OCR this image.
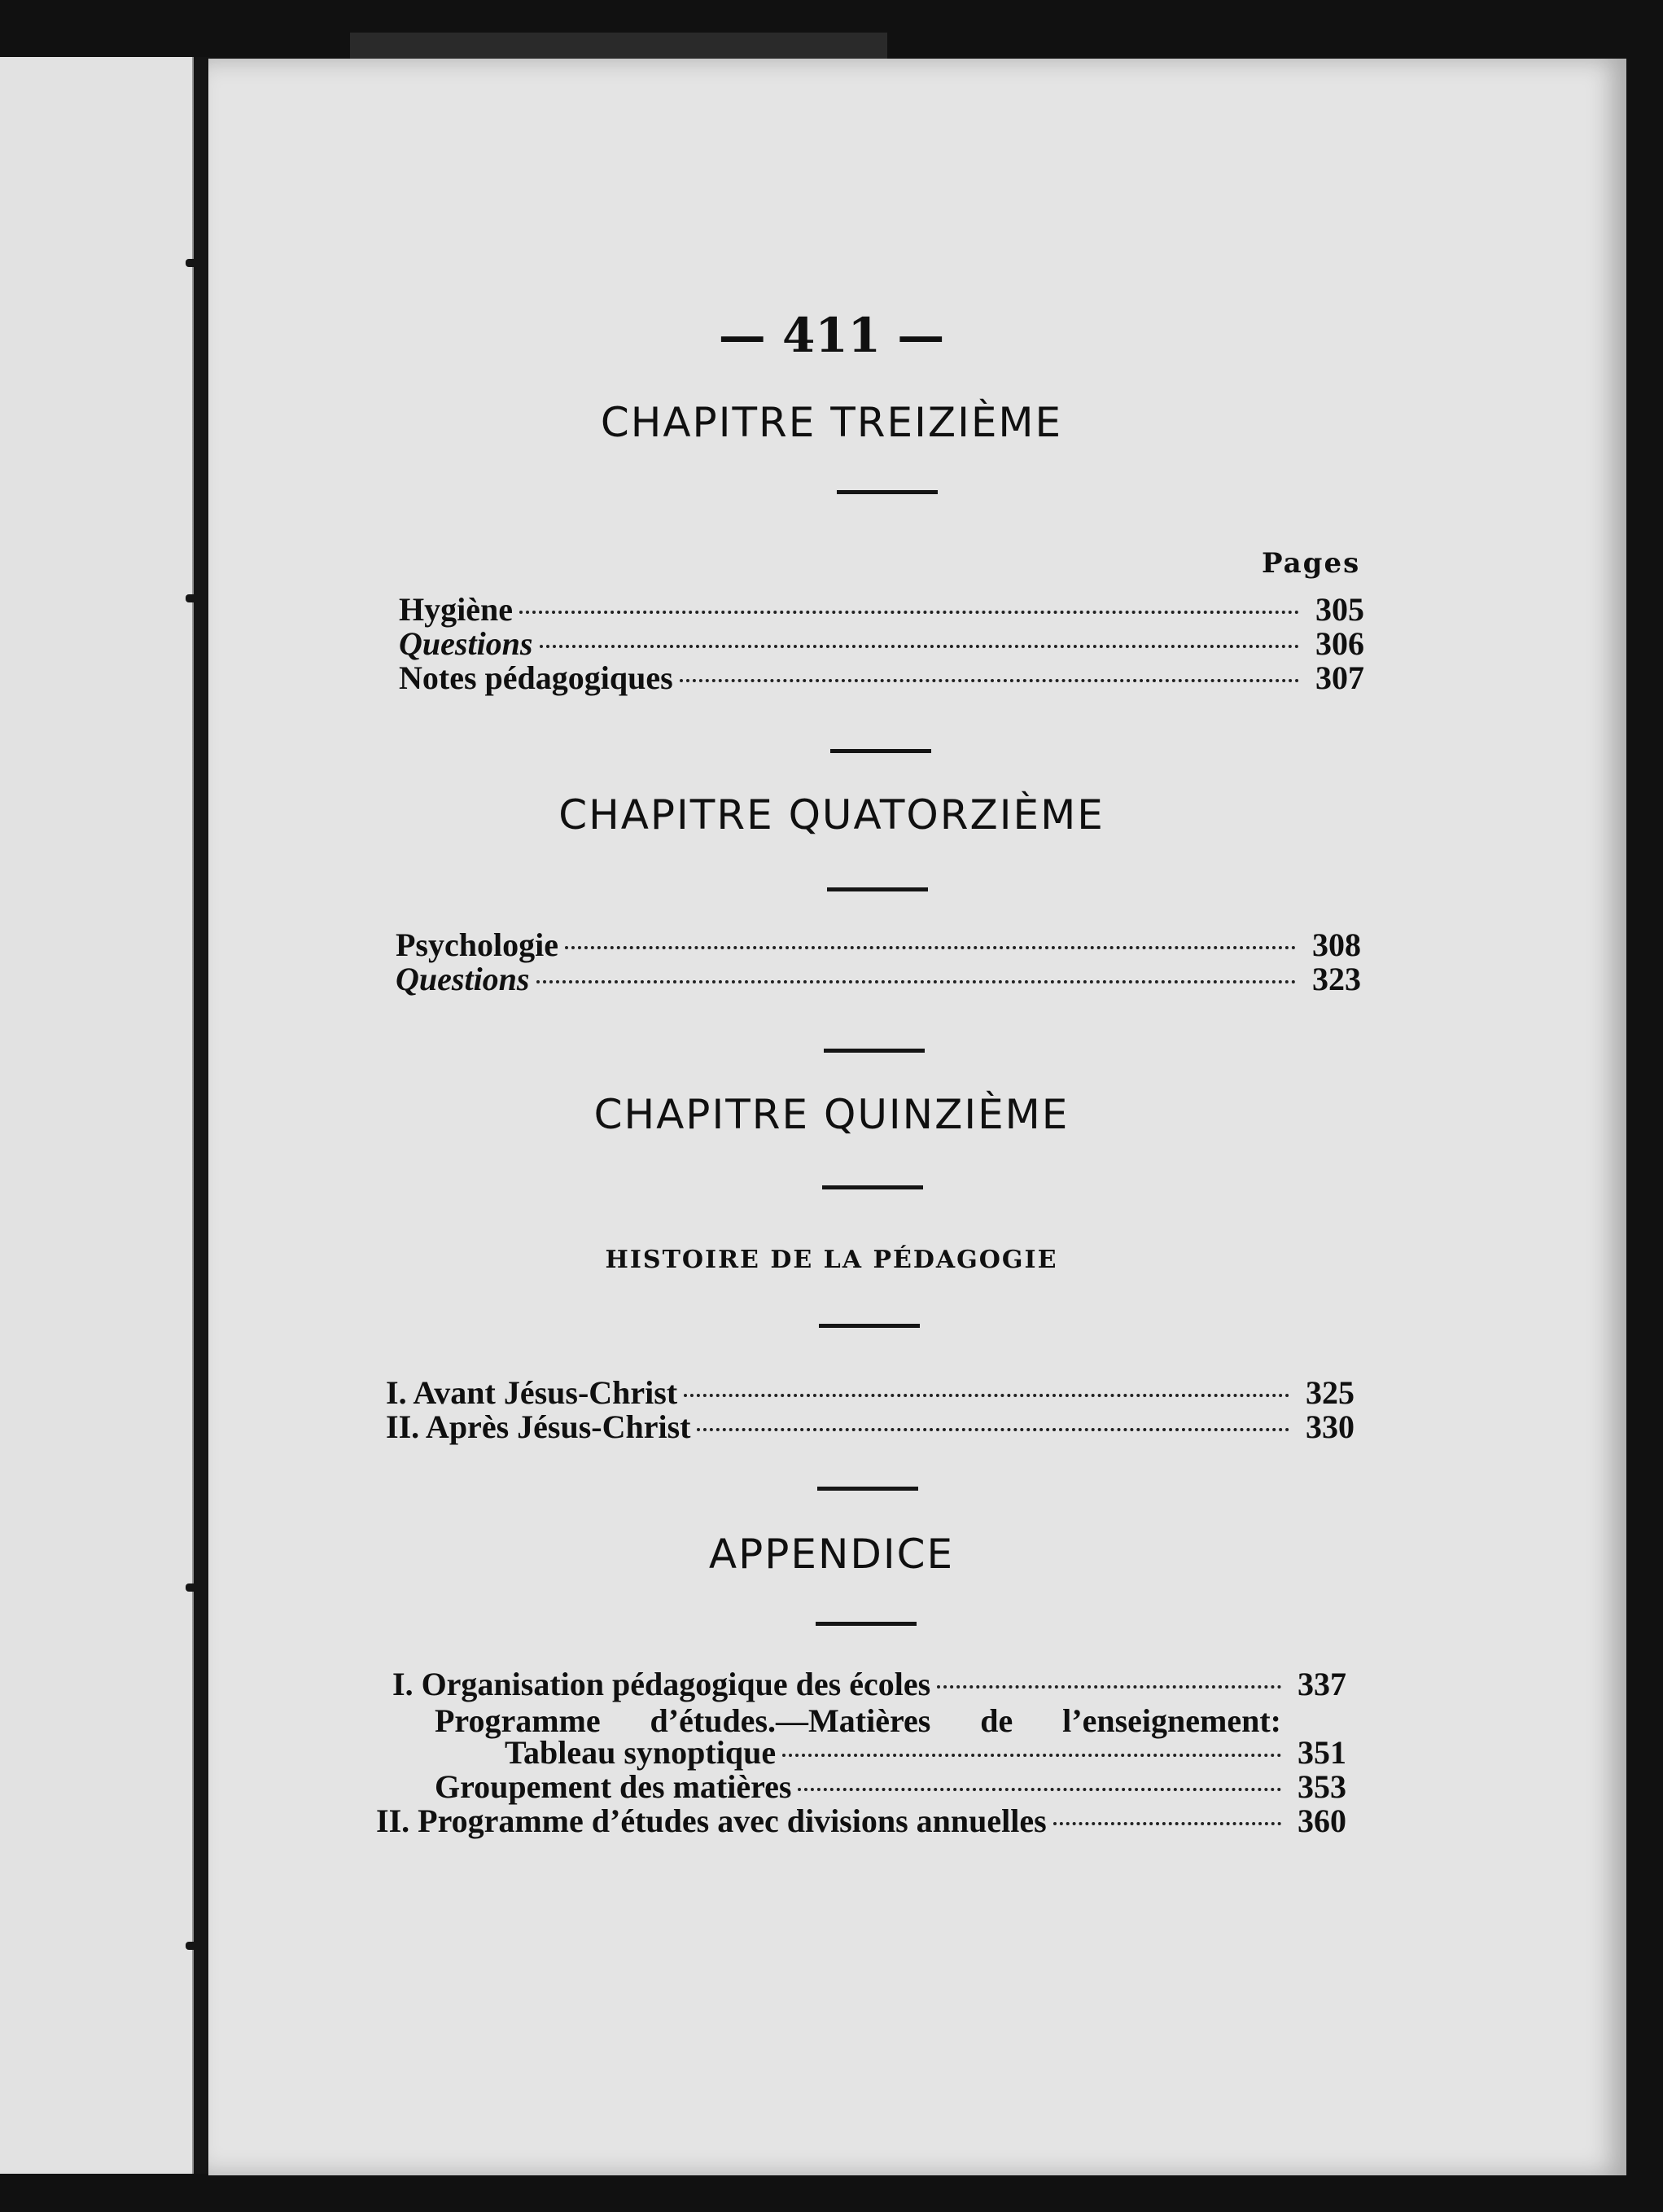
— 411 —
CHAPITRE TREIZIÈME
Pages
Hygiène	305
Questions	306
Notes pédagogiques	307
CHAPITRE QUATORZIÈME
Psychologie	308
Questions	323
CHAPITRE QUINZIÈME
HISTOIRE DE LA PÉDAGOGIE
I. Avant Jésus-Christ	325
II. Après Jésus-Christ	330
APPENDICE
I. Organisation pédagogique des écoles	337
Programme d’études.—Matières de l’enseignement:
Tableau synoptique	351
Groupement des matières	353
II. Programme d’études avec divisions annuelles	360
